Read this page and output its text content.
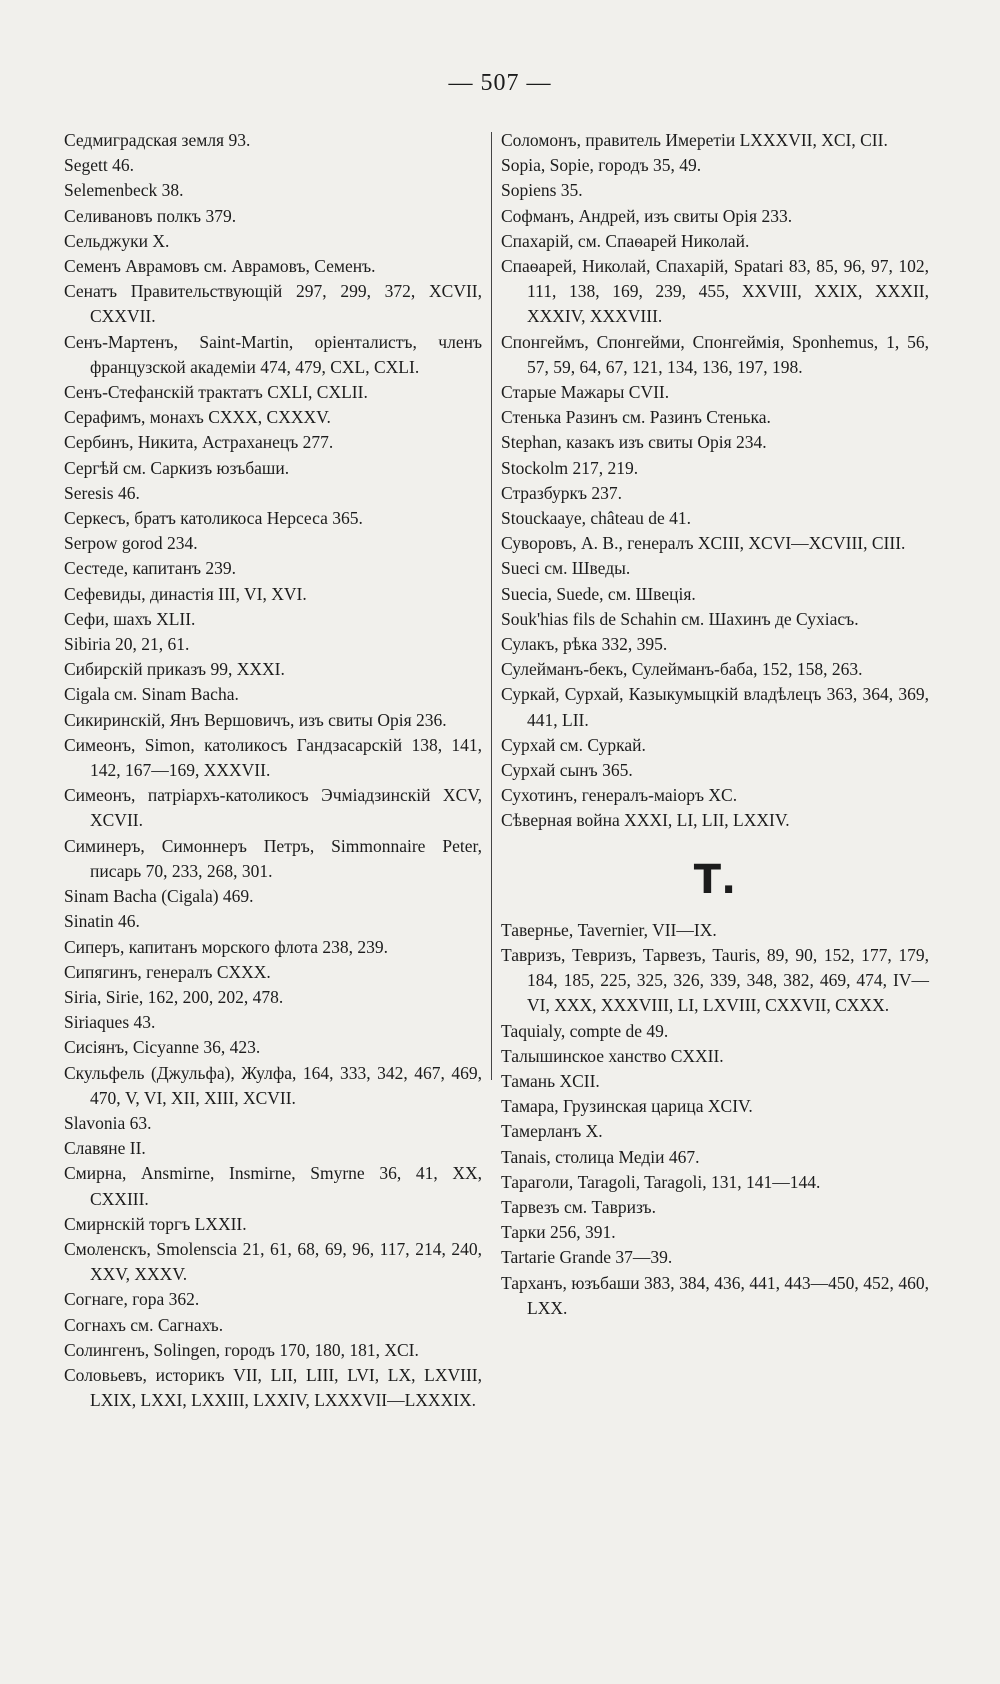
— 507 —

Седмиградская земля 93.

Segett 46.

Selemenbeck 38.

Селивановъ полкъ 379.

Сельджуки X.

Семенъ Аврамовъ см. Аврамовъ, Семенъ.

Сенатъ Правительствующій 297, 299, 372, XCVII, CXXVII.

Сенъ-Мартенъ, Saint-Martin, оріенталистъ, членъ французской академіи 474, 479, CXL, CXLI.

Сенъ-Стефанскій трактатъ CXLI, CXLII.

Серафимъ, монахъ CXXX, CXXXV.

Сербинъ, Никита, Астраханецъ 277.

Сергѣй см. Саркизъ юзъбаши.

Seresis 46.

Серкесъ, братъ католикоса Нерсеса 365.

Serpow gorod 234.

Сестеде, капитанъ 239.

Сефевиды, династія III, VI, XVI.

Сефи, шахъ XLII.

Sibiria 20, 21, 61.

Сибирскій приказъ 99, XXXI.

Cigala см. Sinam Bacha.

Сикиринскій, Янъ Вершовичъ, изъ свиты Орія 236.

Симеонъ, Simon, католикосъ Гандзасарскій 138, 141, 142, 167—169, XXXVII.

Симеонъ, патріархъ-католикосъ Эчміадзинскій XCV, XCVII.

Симинеръ, Симоннеръ Петръ, Simmonnaire Peter, писарь 70, 233, 268, 301.

Sinam Bacha (Cigala) 469.

Sinatin 46.

Сиперъ, капитанъ морского флота 238, 239.

Сипягинъ, генералъ CXXX.

Siria, Sirie, 162, 200, 202, 478.

Siriaques 43.

Сисіянъ, Cicyanne 36, 423.

Скульфель (Джульфа), Жулфа, 164, 333, 342, 467, 469, 470, V, VI, XII, XIII, XCVII.

Slavonia 63.

Славяне II.

Смирна, Ansmirne, Insmirne, Smyrne 36, 41, XX, CXXIII.

Смирнскій торгъ LXXII.

Смоленскъ, Smolenscia 21, 61, 68, 69, 96, 117, 214, 240, XXV, XXXV.

Согнаге, гора 362.

Согнахъ см. Сагнахъ.

Солингенъ, Solingen, городъ 170, 180, 181, XCI.

Соловьевъ, историкъ VII, LII, LIII, LVI, LX, LXVIII, LXIX, LXXI, LXXIII, LXXIV, LXXXVII—LXXXIX.

Соломонъ, правитель Имеретіи LXXXVII, XCI, CII.

Sopia, Sopie, городъ 35, 49.

Sopiens 35.

Софманъ, Андрей, изъ свиты Орія 233.

Спахарій, см. Спаѳарей Николай.

Спаѳарей, Николай, Спахарій, Spatari 83, 85, 96, 97, 102, 111, 138, 169, 239, 455, XXVIII, XXIX, XXXII, XXXIV, XXXVIII.

Спонгеймъ, Спонгейми, Спонгеймія, Sponhemus, 1, 56, 57, 59, 64, 67, 121, 134, 136, 197, 198.

Старые Мажары CVII.

Стенька Разинъ см. Разинъ Стенька.

Stephan, казакъ изъ свиты Орія 234.

Stockolm 217, 219.

Стразбуркъ 237.

Stouckaaye, château de 41.

Суворовъ, А. В., генералъ XCIII, XCVI—XCVIII, CIII.

Suеci см. Шведы.

Suecia, Suede, см. Швеція.

Souk'hias fils de Schahin см. Шахинъ де Сухіасъ.

Сулакъ, рѣка 332, 395.

Сулейманъ-бекъ, Сулейманъ-баба, 152, 158, 263.

Суркай, Сурхай, Казыкумыцкій владѣлецъ 363, 364, 369, 441, LII.

Сурхай см. Суркай.

Сурхай сынъ 365.

Сухотинъ, генералъ-маіоръ XC.

Сѣверная война XXXI, LI, LII, LXXIV.

Т.

Тавернье, Tavernier, VII—IX.

Тавризъ, Тевризъ, Тарвезъ, Tauris, 89, 90, 152, 177, 179, 184, 185, 225, 325, 326, 339, 348, 382, 469, 474, IV—VI, XXX, XXXVIII, LI, LXVIII, CXXVII, CXXX.

Taquialy, compte de 49.

Талышинское ханство CXXII.

Тамань XCII.

Тамара, Грузинская царица XCIV.

Тамерланъ X.

Tanais, столица Медіи 467.

Тараголи, Taragoli, Taragoli, 131, 141—144.

Тарвезъ см. Тавризъ.

Тарки 256, 391.

Tartarie Grande 37—39.

Тарханъ, юзъбаши 383, 384, 436, 441, 443—450, 452, 460, LXX.
